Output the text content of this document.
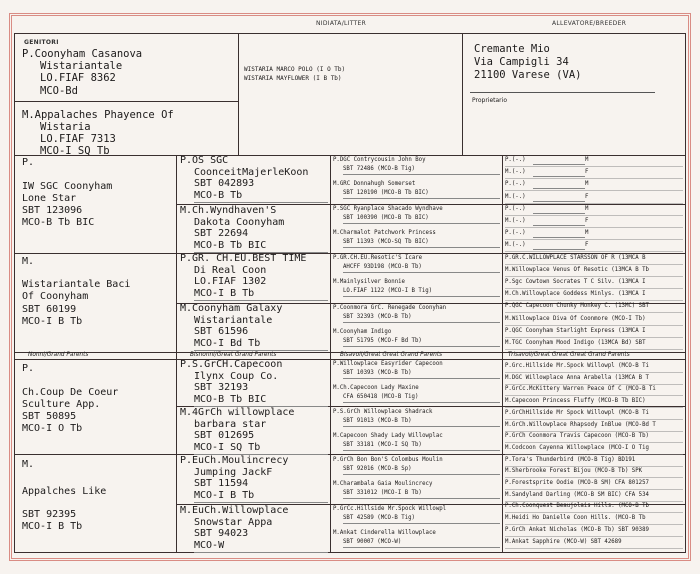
GENITORI
NIDIATA/LITTER	ALLEVATORE/BREEDER
P.Coonyham Casanova
Wistariantale
LO.FIAF 8362
MCO-Bd
M.Appalaches Phayence Of
Wistaria
LO.FIAF 7313
MCO-I SQ Tb
WISTARIA MARCO POLO (I O Tb)
WISTARIA MAYFLOWER (I B Tb)
Cremante Mio
Via Campigli 34
21100 Varese (VA)
Proprietario
Nonni/Grand Parents	Bisnonni/Great Grand Parents	Bisavoli/Great Great Grand Parents	Trisavoli/Great Great Great Grand Parents
P.
IW SGC Coonyham
Lone Star
SBT 123096
MCO-B Tb BIC
M.
Wistariantale Baci
Of Coonyham
SBT 60199
MCO-I B Tb
P.
Ch.Coup De Coeur
Sculture App.
SBT 50895
MCO-I O Tb
M.
Appalches Like
SBT 92395
MCO-I B Tb
P.OS SGC
CoonceitMajerleKoon
SBT 042893
MCO-B Tb
M.Ch.Wyndhaven'S
Dakota Coonyham
SBT 22694
MCO-B Tb BIC
P.GR. CH.EU.BEST TIME
Di Real Coon
LO.FIAF 1302
MCO-I B Tb
M.Coonyham Galaxy
Wistariantale
SBT 61596
MCO-I Bd Tb
P.S.GrCH.Capecoon
Ilynx Coup Co.
SBT 32193
MCO-B Tb BIC
M.4GrCh willowplace
barbara star
SBT 012695
MCO-I SQ Tb
P.EuCh.Moulincrecy
Jumping JackF
SBT 11594
MCO-I B Tb
M.EuCh.Willowplace
Snowstar Appa
SBT 94023
MCO-W
P.DGC Contrycousin John Boy
SBT 72486 (MCO-B Tig)
M.GRC Donnahugh Somerset
SBT 120190 (MCO-B Tb BIC)
P.SGC Ryanplace Shacado Wyndhave
SBT 100390 (MCO-B Tb BIC)
M.Charmalot Patchwork Princess
SBT 11393 (MCO-SQ Tb BIC)
P.GR.CH.EU.Resotic'S Icare
AHCFF 93D198 (MCO-B Tb)
M.Mainlysilver Bonnie
LO.FIAF 1122 (MCO-I B Tig)
P.Coonmora GrC. Renegade Coonyhan
SBT 32393 (MCO-B Tb)
M.Coonyham Indigo
SBT 51795 (MCO-F Bd Tb)
P.Willowplace Easyrider Capecoon
SBT 10393 (MCO-B Tb)
M.Ch.Capecoon Lady Maxine
CFA 650418 (MCO-B Tig)
P.S.GrCh Willowplace Shadrack
SBT 91013 (MCO-B Tb)
M.Capecoon Shady Lady Willowplac
SBT 33181 (MCO-I SQ Tb)
P.GrCh Bon Bon'S Colombus Moulin
SBT 92016 (MCO-B Sp)
M.Charambala Gaia Moulincrecy
SBT 331012 (MCO-I B Tb)
P.GrCc.Hillside Mr.Spock Willowpl
SBT 42589 (MCO-B Tig)
M.Ankat Cinderella Willowplace
SBT 90007 (MCO-W)
P.(-.)	M
M.(-.)	F
P.(-.)	M
M.(-.)	F
P.(-.)	M
M.(-.)	F
P.(-.)	M
M.(-.)	F
P.GR.C.WILLOWPLACE STARSSON OF R (13MCA B
M.Willowplace Venus Of Resotic (13MCA B Tb
P.Sgc Cowtown Socrates T C Silv. (13MCA I
M.Ch.Willowplace Goddess Minlys. (13MCA I
P.QGC Capecoon Chunky Monkey C. (13MC) SBT
M.Willowplace Diva Of Coonmore (MCO-I Tb)
P.QGC Coonyham Starlight Express (13MCA I
M.TGC Coonyham Mood Indigo (13MCA Bd) SBT
P.Grc.Hillside Mr.Spock Willowpl (MCO-B Ti
M.DGC Willowplace Anna Arabella (13MCA B T
P.GrCc.McKittery Warren Peace Of C (MCO-B Ti
M.Capecoon Princess Fluffy (MCO-B Tb BIC)
P.GrChHillside Mr Spock Willowpl (MCO-B Ti
M.GrCh.Willowplace Rhapsody InBlue (MCO-Bd T
P.GrCh Coonmora Travis Capecoon (MCO-B Tb)
M.Codcoon Cayenna Willowplace (MCO-I O Tig
P.Tora's Thunderbird (MCO-B Tig) BD191
M.Sherbrooke Forest Bijou (MCO-B Tb) SPK
P.Forestsprite Oodie (MCO-B SM) CFA 801257
M.Sandyland Darling (MCO-B SM BIC) CFA 534
P.Ch.Coonquest Beaujolais Hills. (MCO-B Tb
M.Heidi Ho Danielle Coon Hills. (MCO-B Tb
P.GrCh Ankat Nicholas (MCO-B Tb) SBT 90389
M.Ankat Sapphire (MCO-W) SBT 42689
